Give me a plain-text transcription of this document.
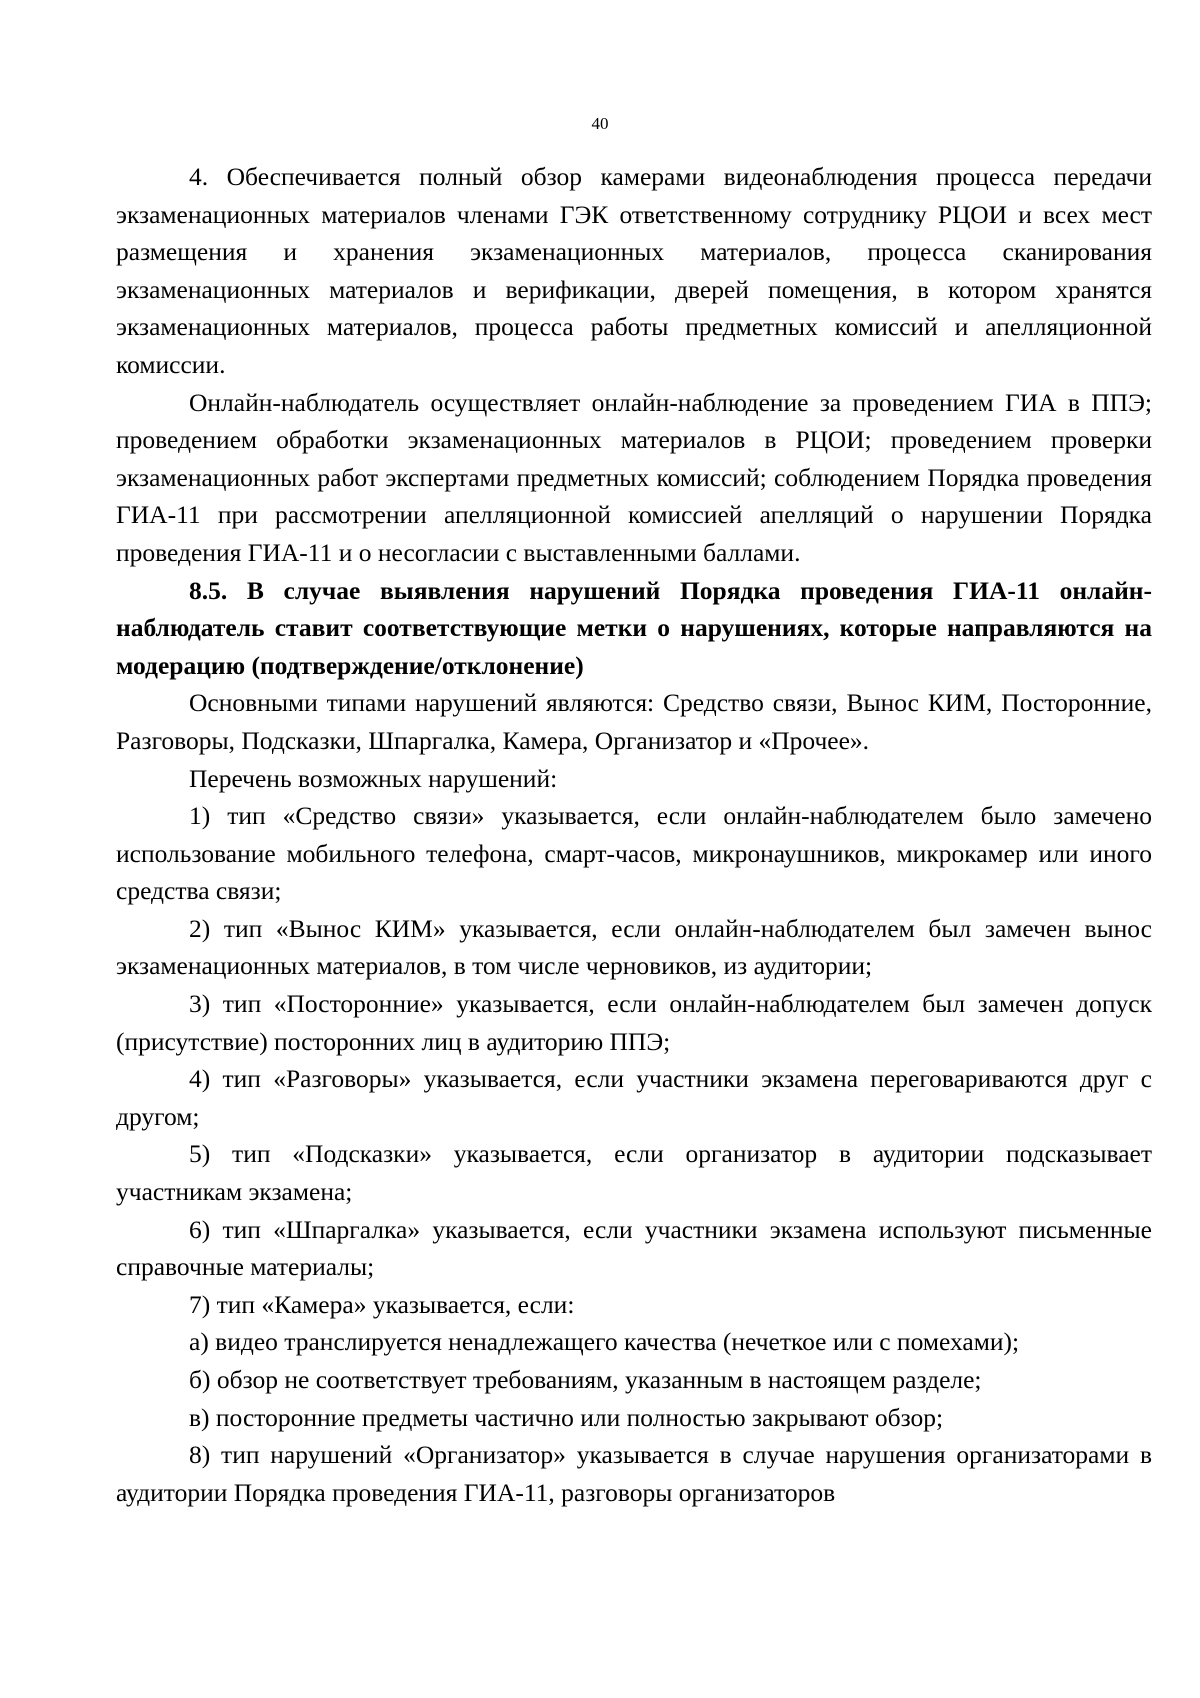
40

4. Обеспечивается полный обзор камерами видеонаблюдения процесса передачи экзаменационных материалов членами ГЭК ответственному сотруднику РЦОИ и всех мест размещения и хранения экзаменационных материалов, процесса сканирования экзаменационных материалов и верификации, дверей помещения, в котором хранятся экзаменационных материалов, процесса работы предметных комиссий и апелляционной комиссии.

Онлайн-наблюдатель осуществляет онлайн-наблюдение за проведением ГИА в ППЭ; проведением обработки экзаменационных материалов в РЦОИ; проведением проверки экзаменационных работ экспертами предметных комиссий; соблюдением Порядка проведения ГИА-11 при рассмотрении апелляционной комиссией апелляций о нарушении Порядка проведения ГИА-11 и о несогласии с выставленными баллами.

8.5. В случае выявления нарушений Порядка проведения ГИА-11 онлайн-наблюдатель ставит соответствующие метки о нарушениях, которые направляются на модерацию (подтверждение/отклонение)

Основными типами нарушений являются: Средство связи, Вынос КИМ, Посторонние, Разговоры, Подсказки, Шпаргалка, Камера, Организатор и «Прочее».

Перечень возможных нарушений:

1) тип «Средство связи» указывается, если онлайн-наблюдателем было замечено использование мобильного телефона, смарт-часов, микронаушников, микрокамер или иного средства связи;

2) тип «Вынос КИМ» указывается, если онлайн-наблюдателем был замечен вынос экзаменационных материалов, в том числе черновиков, из аудитории;

3) тип «Посторонние» указывается, если онлайн-наблюдателем был замечен допуск (присутствие) посторонних лиц в аудиторию ППЭ;

4) тип «Разговоры» указывается, если участники экзамена переговариваются друг с другом;

5) тип «Подсказки» указывается, если организатор в аудитории подсказывает участникам экзамена;

6) тип «Шпаргалка» указывается, если участники экзамена используют письменные справочные материалы;

7) тип «Камера» указывается, если:

а) видео транслируется ненадлежащего качества (нечеткое или с помехами);

б) обзор не соответствует требованиям, указанным в настоящем разделе;

в) посторонние предметы частично или полностью закрывают обзор;

8) тип нарушений «Организатор» указывается в случае нарушения организаторами в аудитории Порядка проведения ГИА-11, разговоры организаторов
